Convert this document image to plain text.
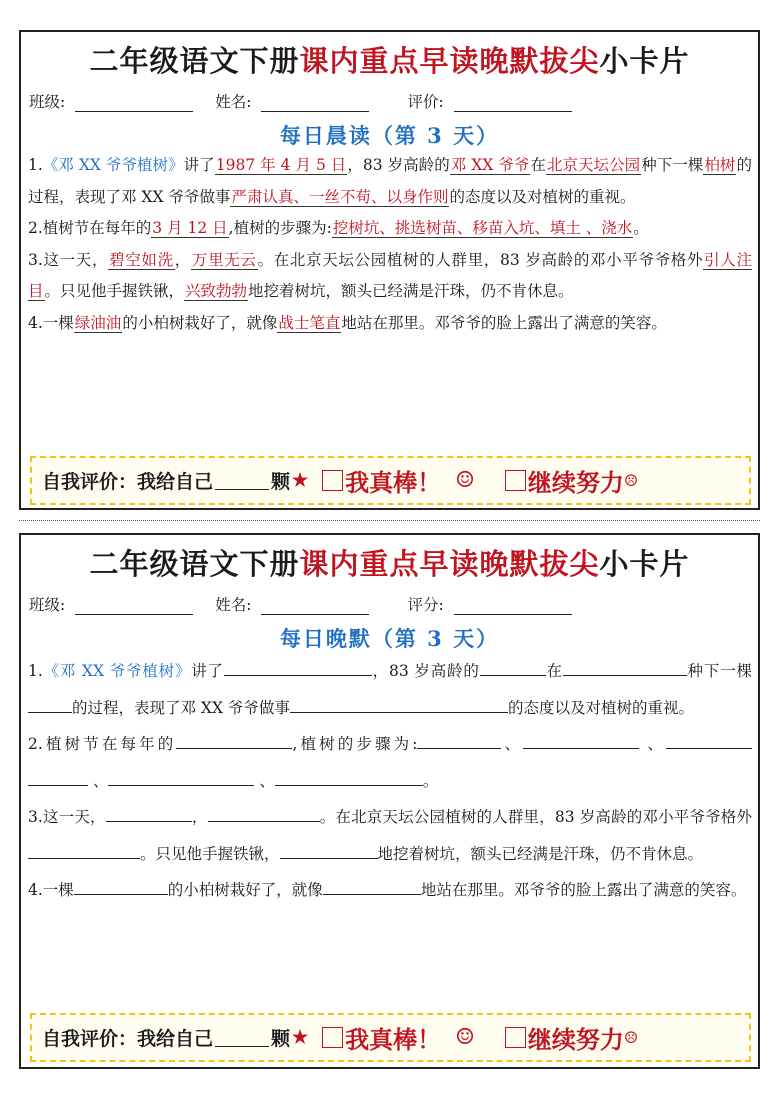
二年级语文下册课内重点早读晚默拔尖小卡片
班级:	姓名:	评价:
每日晨读（第 3 天）
1.《邓 XX 爷爷植树》讲了1987 年 4 月 5 日，83 岁高龄的邓 XX 爷爷在北京天坛公园种下一棵柏树的过程，表现了邓 XX 爷爷做事严肃认真、一丝不苟、以身作则的态度以及对植树的重视。
2.植树节在每年的3 月 12 日,植树的步骤为:挖树坑、挑选树苗、移苗入坑、填土 、浇水。
3.这一天，碧空如洗，万里无云。在北京天坛公园植树的人群里，83 岁高龄的邓小平爷爷格外引人注目。只见他手握铁锹，兴致勃勃地挖着树坑，额头已经满是汗珠，仍不肯休息。
4.一棵绿油油的小柏树栽好了，就像战士笔直地站在那里。邓爷爷的脸上露出了满意的笑容。
自我评价：我给自己	颗 ★ 我真棒！ ☺ 继续努力 ☹
二年级语文下册课内重点早读晚默拔尖小卡片
班级:	姓名:	评分:
每日晚默（第 3 天）
1.《邓 XX 爷爷植树》讲了	，83 岁高龄的	在	种下一棵的过程，表现了邓 XX 爷爷做事	的态度以及对植树的重视。
2.植树节在每年的	,植树的步骤为:	、	、 、	、	。
3.这一天，	，	。在北京天坛公园植树的人群里，83 岁高龄的邓小平爷爷格外。只见他手握铁锹，	地挖着树坑，额头已经满是汗珠，仍不肯休息。
4.一棵	的小柏树栽好了，就像	地站在那里。邓爷爷的脸上露出了满意的笑容。
自我评价：我给自己	颗 ★ 我真棒！ ☺ 继续努力 ☹
